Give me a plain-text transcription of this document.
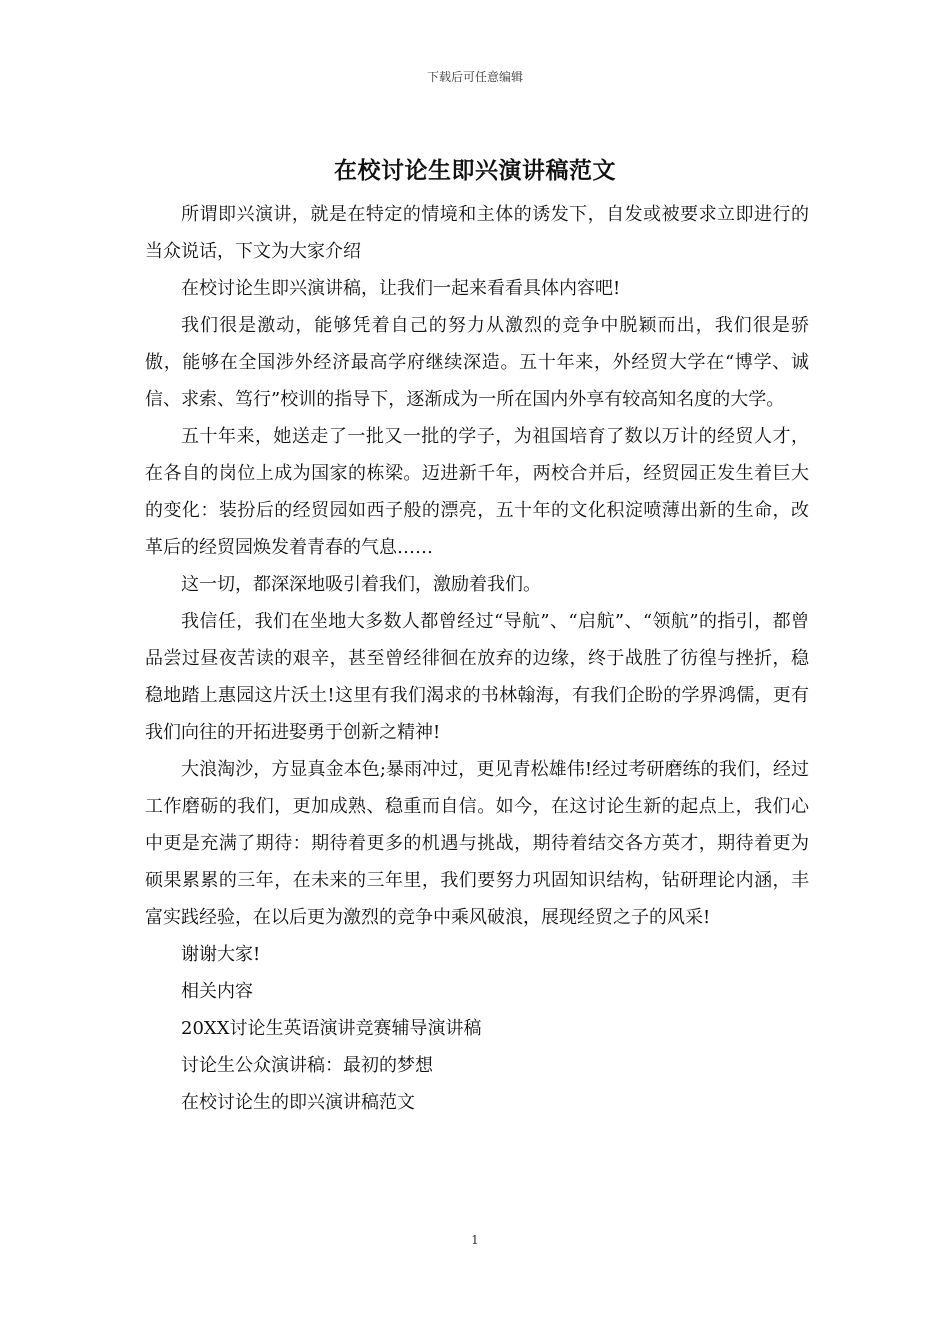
下载后可任意编辑
在校讨论生即兴演讲稿范文

所谓即兴演讲，就是在特定的情境和主体的诱发下，自发或被要求立即进行的当众说话，下文为大家介绍

在校讨论生即兴演讲稿，让我们一起来看看具体内容吧!

我们很是激动，能够凭着自己的努力从激烈的竞争中脱颖而出，我们很是骄傲，能够在全国涉外经济最高学府继续深造。五十年来，外经贸大学在“博学、诚信、求索、笃行”校训的指导下，逐渐成为一所在国内外享有较高知名度的大学。

五十年来，她送走了一批又一批的学子，为祖国培育了数以万计的经贸人才，在各自的岗位上成为国家的栋梁。迈进新千年，两校合并后，经贸园正发生着巨大的变化：装扮后的经贸园如西子般的漂亮，五十年的文化积淀喷薄出新的生命，改革后的经贸园焕发着青春的气息……

这一切，都深深地吸引着我们，激励着我们。

我信任，我们在坐地大多数人都曾经过“导航”、“启航”、“领航”的指引，都曾品尝过昼夜苦读的艰辛，甚至曾经徘徊在放弃的边缘，终于战胜了彷徨与挫折，稳稳地踏上惠园这片沃土!这里有我们渴求的书林翰海，有我们企盼的学界鸿儒，更有我们向往的开拓进娶勇于创新之精神!

大浪淘沙，方显真金本色;暴雨冲过，更见青松雄伟!经过考研磨练的我们，经过工作磨砺的我们，更加成熟、稳重而自信。如今，在这讨论生新的起点上，我们心中更是充满了期待：期待着更多的机遇与挑战，期待着结交各方英才，期待着更为硕果累累的三年，在未来的三年里，我们要努力巩固知识结构，钻研理论内涵，丰富实践经验，在以后更为激烈的竞争中乘风破浪，展现经贸之子的风采!

谢谢大家!

相关内容

20XX讨论生英语演讲竞赛辅导演讲稿

讨论生公众演讲稿：最初的梦想

在校讨论生的即兴演讲稿范文

1
